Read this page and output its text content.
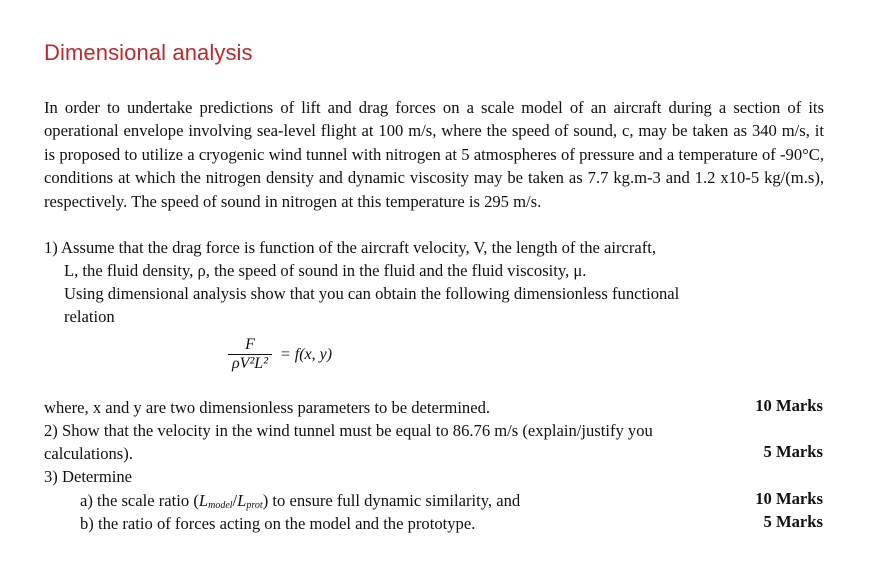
Dimensional analysis
In order to undertake predictions of lift and drag forces on a scale model of an aircraft during a section of its operational envelope involving sea-level flight at 100 m/s, where the speed of sound, c, may be taken as 340 m/s, it is proposed to utilize a cryogenic wind tunnel with nitrogen at 5 atmospheres of pressure and a temperature of -90°C, conditions at which the nitrogen density and dynamic viscosity may be taken as 7.7 kg.m-3 and 1.2 x10-5 kg/(m.s), respectively. The speed of sound in nitrogen at this temperature is 295 m/s.
1) Assume that the drag force is function of the aircraft velocity, V, the length of the aircraft,
L, the fluid density, ρ, the speed of sound in the fluid and the fluid viscosity, μ.
Using dimensional analysis show that you can obtain the following dimensionless functional
relation
$\frac{F}{\text{ρV²L²}} = f(x$, y)
where, x and y are two dimensionless parameters to be determined.	10 Marks
2) Show that the velocity in the wind tunnel must be equal to 86.76 m/s (explain/justify you
calculations).	5 Marks
3) Determine
a) the scale ratio (Lmodel/Lprot) to ensure full dynamic similarity, and	10 Marks
b) the ratio of forces acting on the model and the prototype.	5 Marks
